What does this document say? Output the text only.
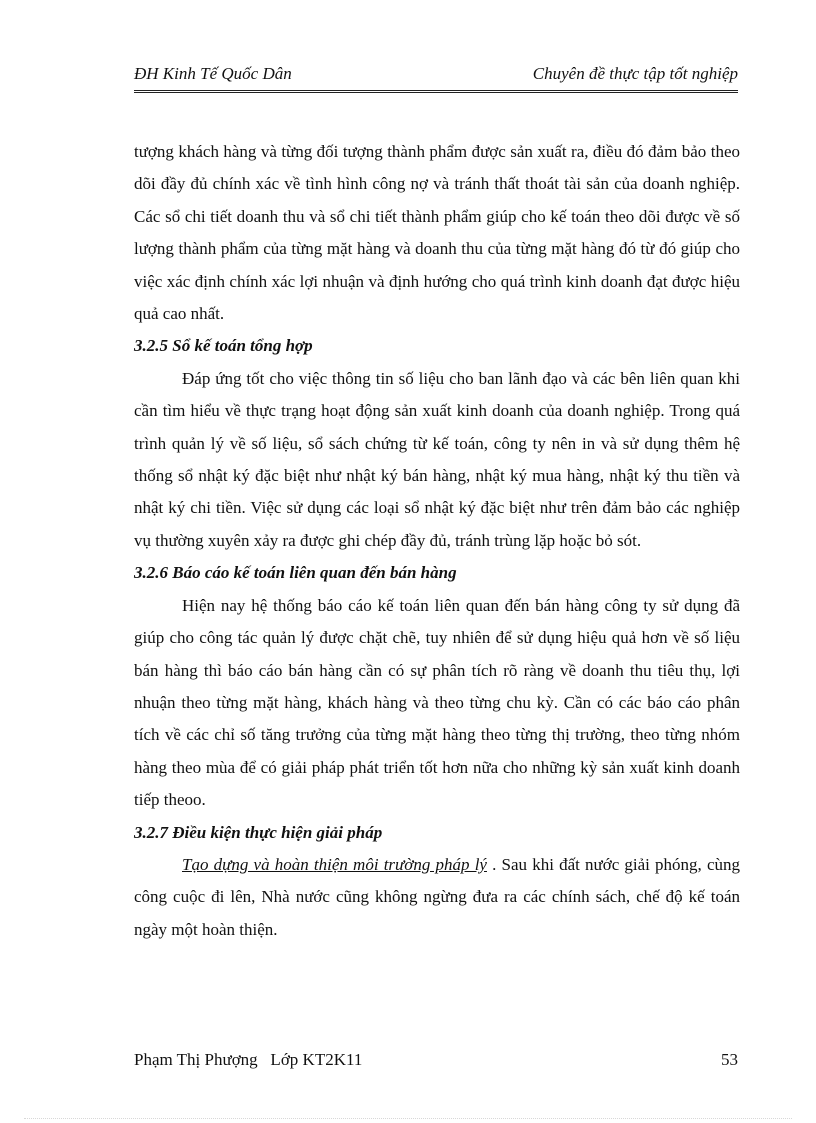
ĐH Kinh Tế Quốc Dân	Chuyên đề thực tập tốt nghiệp

tượng khách hàng và từng đối tượng thành phẩm được sản xuất ra, điều đó đảm bảo theo dõi đầy đủ chính xác về tình hình công nợ và tránh thất thoát tài sản của doanh nghiệp. Các sổ chi tiết doanh thu và sổ chi tiết thành phẩm giúp cho kế toán theo dõi được về số lượng thành phẩm của từng mặt hàng và doanh thu của từng mặt hàng đó từ đó giúp cho việc xác định chính xác lợi nhuận và định hướng cho quá trình kinh doanh đạt được hiệu quả cao nhất.

3.2.5 Sổ kế toán tổng hợp

Đáp ứng tốt cho việc thông tin số liệu cho ban lãnh đạo và các bên liên quan khi cần tìm hiểu về thực trạng hoạt động sản xuất kinh doanh của doanh nghiệp. Trong quá trình quản lý về số liệu, sổ sách chứng từ kế toán, công ty nên in và sử dụng thêm hệ thống sổ nhật ký đặc biệt như nhật ký bán hàng, nhật ký mua hàng, nhật ký thu tiền và nhật ký chi tiền. Việc sử dụng các loại sổ nhật ký đặc biệt như trên đảm bảo các nghiệp vụ thường xuyên xảy ra được ghi chép đầy đủ, tránh trùng lặp hoặc bỏ sót.

3.2.6 Báo cáo kế toán liên quan đến bán hàng

Hiện nay hệ thống báo cáo kế toán liên quan đến bán hàng công ty sử dụng đã giúp cho công tác quản lý được chặt chẽ, tuy nhiên để sử dụng hiệu quả hơn về số liệu bán hàng thì báo cáo bán hàng cần có sự phân tích rõ ràng về doanh thu tiêu thụ, lợi nhuận theo từng mặt hàng, khách hàng và theo từng chu kỳ. Cần có các báo cáo phân tích về các chỉ số tăng trưởng của từng mặt hàng theo từng thị trường, theo từng nhóm hàng theo mùa để có giải pháp phát triển tốt hơn nữa cho những kỳ sản xuất kinh doanh tiếp theoo.

3.2.7 Điều kiện thực hiện giải pháp

Tạo dựng và hoàn thiện môi trường pháp lý . Sau khi đất nước giải phóng, cùng công cuộc đi lên, Nhà nước cũng không ngừng đưa ra các chính sách, chế độ kế toán ngày một hoàn thiện.

Phạm Thị Phượng   Lớp KT2K11	53
